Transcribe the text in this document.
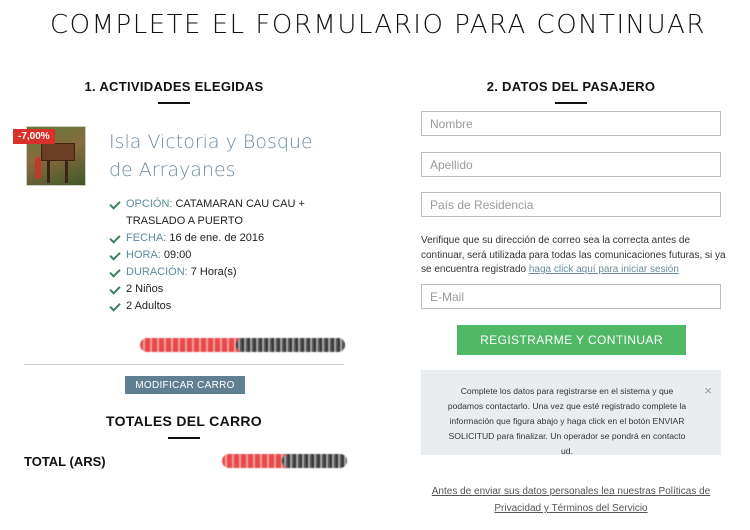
COMPLETE EL FORMULARIO PARA CONTINUAR
1. ACTIVIDADES ELEGIDAS
-7,00%	Isla Victoria y Bosque de Arrayanes
OPCIÓN: CATAMARAN CAU CAU + TRASLADO A PUERTO
FECHA: 16 de ene. de 2016
HORA: 09:00
DURACIÓN: 7 Hora(s)
2 Niños
2 Adultos
MODIFICAR CARRO
TOTALES DEL CARRO
TOTAL (ARS)
2. DATOS DEL PASAJERO
Nombre
Apellido
País de Residencia

Verifique que su dirección de correo sea la correcta antes de continuar, será utilizada para todas las comunicaciones futuras, si ya se encuentra registrado haga click aquí para iniciar sesión

E-Mail
REGISTRARME Y CONTINUAR
×
Complete los datos para registrarse en el sistema y que podamos contactarlo. Una vez que esté registrado complete la información que figura abajo y haga click en el botón ENVIAR SOLICITUD para finalizar. Un operador se pondrá en contacto ud.
Antes de enviar sus datos personales lea nuestras Políticas de Privacidad y Términos del Servicio
